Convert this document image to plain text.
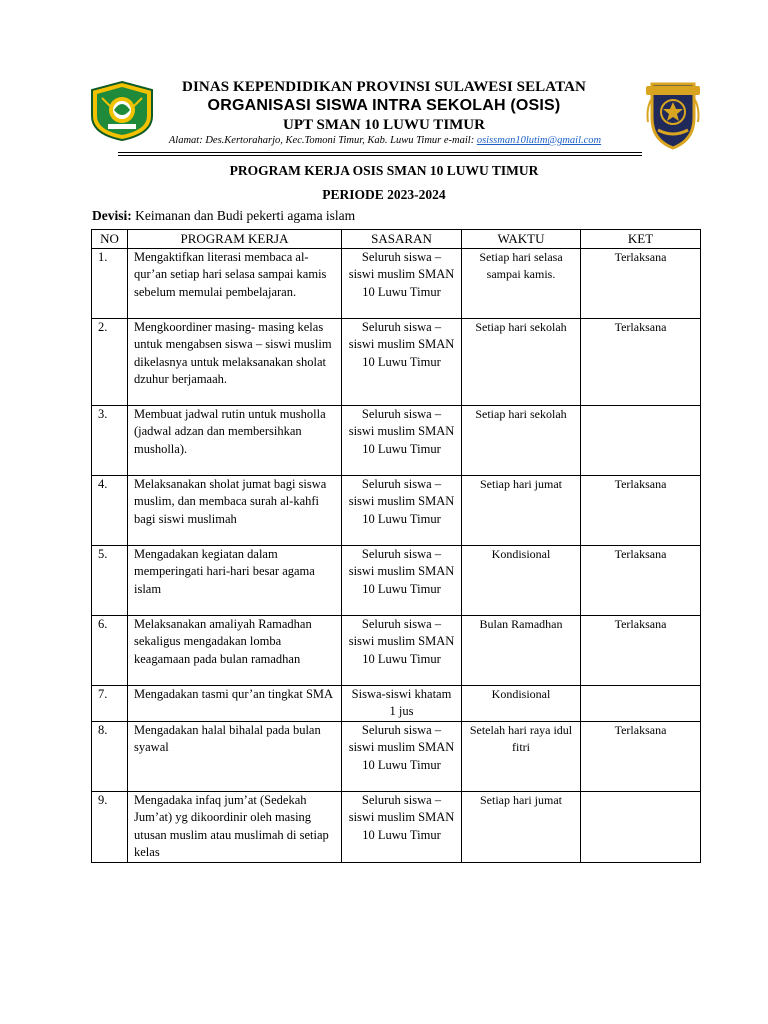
DINAS KEPENDIDIKAN PROVINSI SULAWESI SELATAN
ORGANISASI SISWA INTRA SEKOLAH (OSIS)
UPT SMAN 10 LUWU TIMUR
Alamat: Des.Kertoraharjo, Kec.Tomoni Timur, Kab. Luwu Timur e-mail: osissman10lutim@gmail.com
PROGRAM KERJA OSIS SMAN 10 LUWU TIMUR
PERIODE 2023-2024
Devisi: Keimanan dan Budi pekerti agama islam
NO	PROGRAM KERJA	SASARAN	WAKTU	KET
1.	Mengaktifkan literasi membaca al-qur’an setiap hari selasa sampai kamis sebelum memulai pembelajaran.	Seluruh siswa – siswi muslim SMAN 10 Luwu Timur	Setiap hari selasa sampai kamis.	Terlaksana
2.	Mengkoordiner masing- masing kelas untuk mengabsen siswa – siswi muslim dikelasnya untuk melaksanakan sholat dzuhur berjamaah.	Seluruh siswa – siswi muslim SMAN 10 Luwu Timur	Setiap hari sekolah	Terlaksana
3.	Membuat jadwal rutin untuk musholla (jadwal adzan dan membersihkan musholla).	Seluruh siswa – siswi muslim SMAN 10 Luwu Timur	Setiap hari sekolah	
4.	Melaksanakan sholat jumat bagi siswa muslim, dan membaca surah al-kahfi bagi siswi muslimah	Seluruh siswa – siswi muslim SMAN 10 Luwu Timur	Setiap hari jumat	Terlaksana
5.	Mengadakan kegiatan dalam memperingati hari-hari besar agama islam	Seluruh siswa – siswi muslim SMAN 10 Luwu Timur	Kondisional	Terlaksana
6.	Melaksanakan amaliyah Ramadhan sekaligus mengadakan lomba keagamaan pada bulan ramadhan	Seluruh siswa – siswi muslim SMAN 10 Luwu Timur	Bulan Ramadhan	Terlaksana
7.	Mengadakan tasmi qur’an tingkat SMA	Siswa-siswi khatam 1 jus	Kondisional	
8.	Mengadakan halal bihalal pada bulan syawal	Seluruh siswa – siswi muslim SMAN 10 Luwu Timur	Setelah hari raya idul fitri	Terlaksana
9.	Mengadaka infaq jum’at (Sedekah Jum’at) yg dikoordinir oleh masing utusan muslim atau muslimah di setiap kelas	Seluruh siswa – siswi muslim SMAN 10 Luwu Timur	Setiap hari jumat	
